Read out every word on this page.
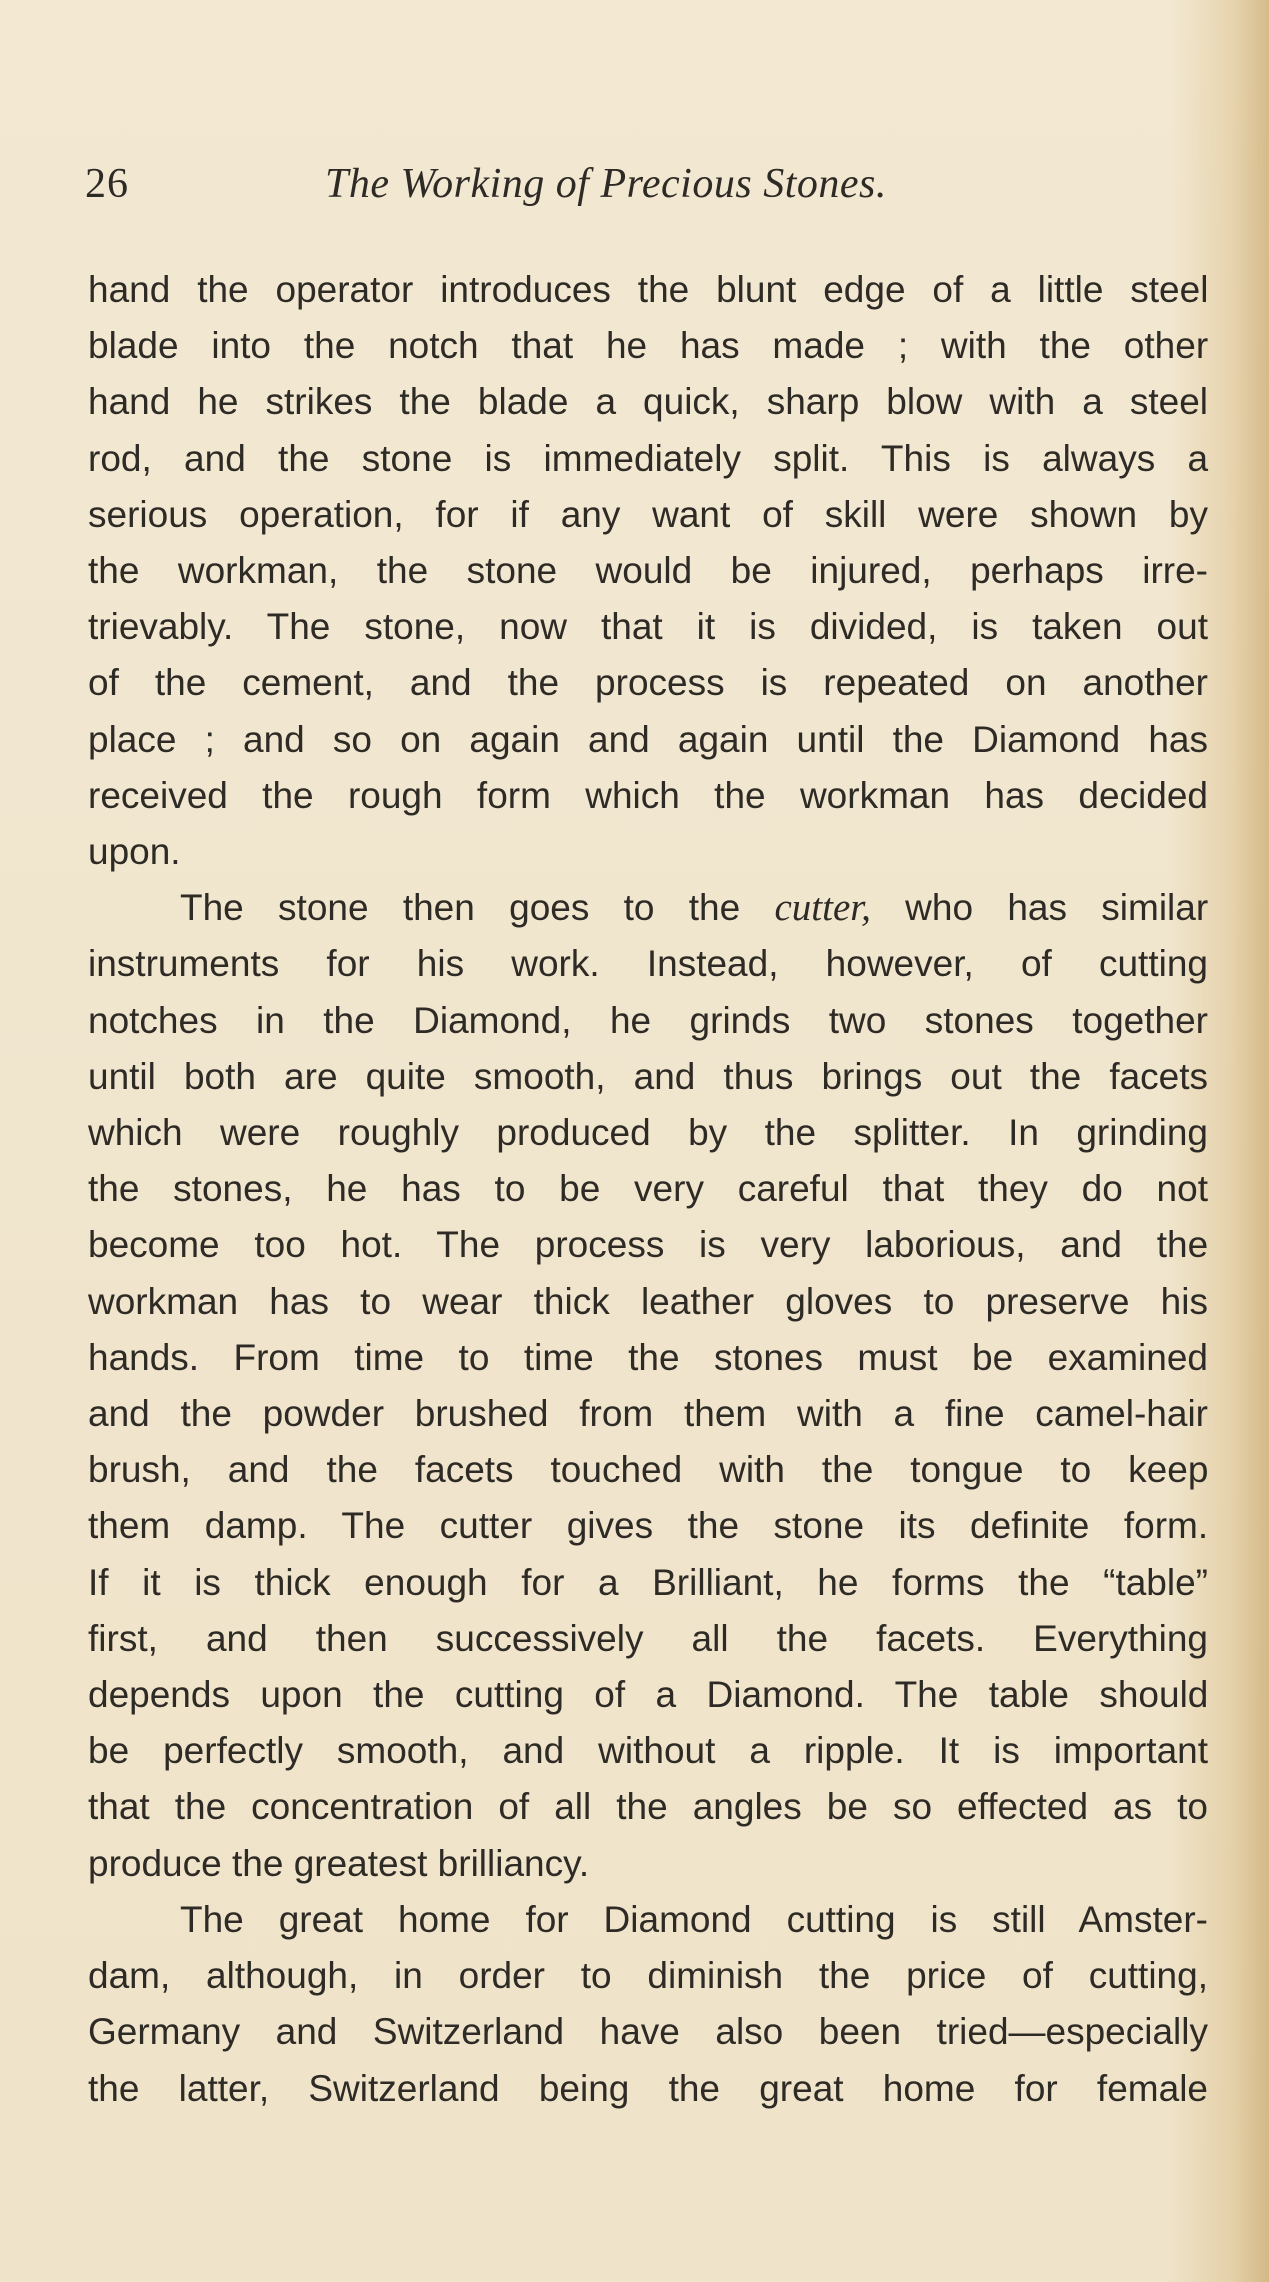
26	The Working of Precious Stones.

hand the operator introduces the blunt edge of a little steel
blade into the notch that he has made ; with the other
hand he strikes the blade a quick, sharp blow with a steel
rod, and the stone is immediately split. This is always a
serious operation, for if any want of skill were shown by
the workman, the stone would be injured, perhaps irre-
trievably. The stone, now that it is divided, is taken out
of the cement, and the process is repeated on another
place ; and so on again and again until the Diamond has
received the rough form which the workman has decided
upon.

The stone then goes to the cutter, who has similar
instruments for his work. Instead, however, of cutting
notches in the Diamond, he grinds two stones together
until both are quite smooth, and thus brings out the facets
which were roughly produced by the splitter. In grinding
the stones, he has to be very careful that they do not
become too hot. The process is very laborious, and the
workman has to wear thick leather gloves to preserve his
hands. From time to time the stones must be examined
and the powder brushed from them with a fine camel-hair
brush, and the facets touched with the tongue to keep
them damp. The cutter gives the stone its definite form.
If it is thick enough for a Brilliant, he forms the “table”
first, and then successively all the facets. Everything
depends upon the cutting of a Diamond. The table should
be perfectly smooth, and without a ripple. It is important
that the concentration of all the angles be so effected as to
produce the greatest brilliancy.

The great home for Diamond cutting is still Amster-
dam, although, in order to diminish the price of cutting,
Germany and Switzerland have also been tried—especially
the latter, Switzerland being the great home for female
